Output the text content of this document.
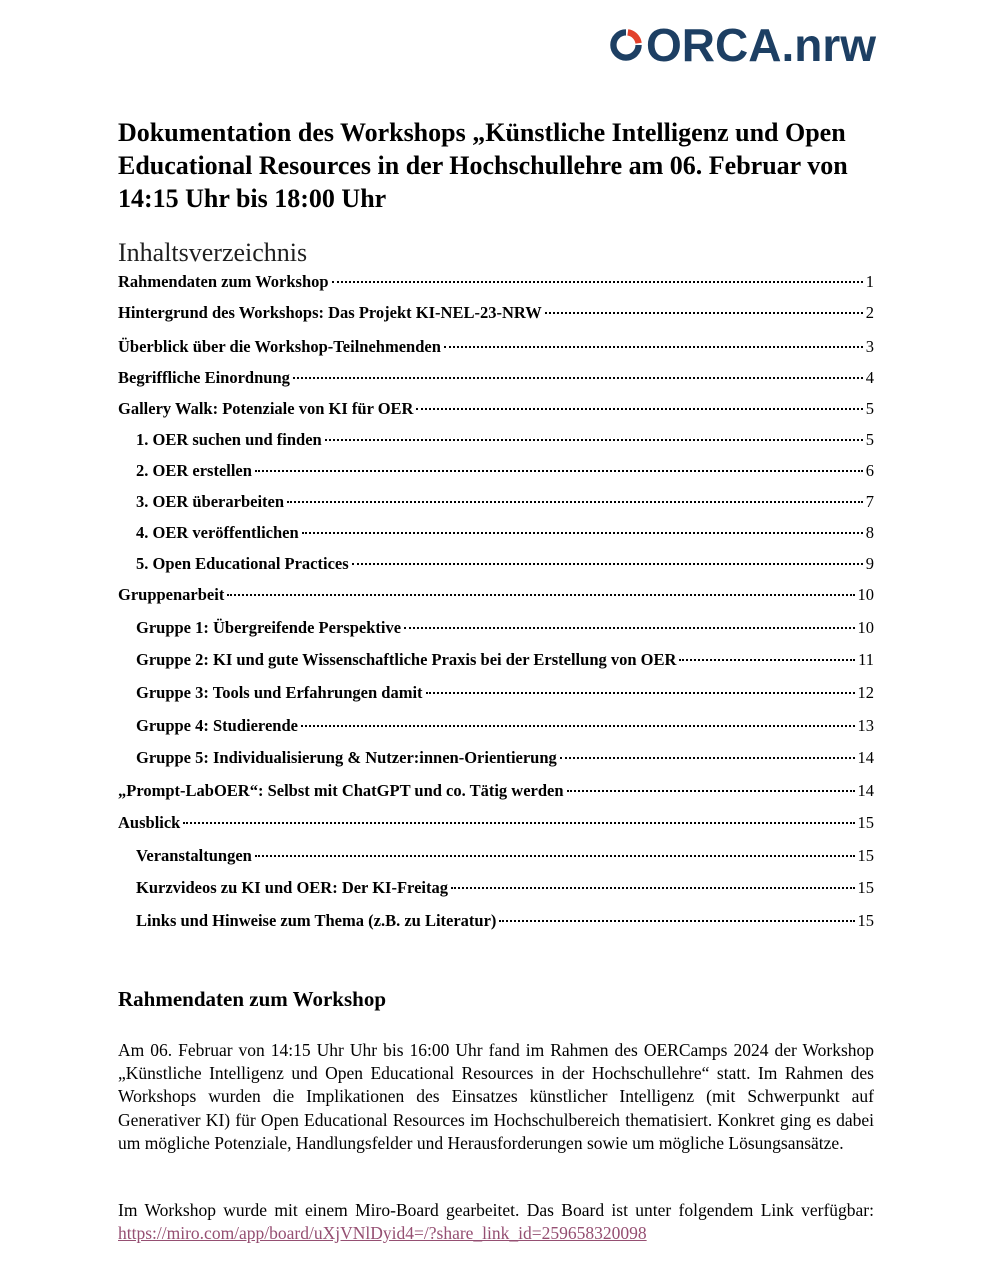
ORCA.nrw
Dokumentation des Workshops „Künstliche Intelligenz und Open Educational Resources in der Hochschullehre am 06. Februar von 14:15 Uhr bis 18:00 Uhr
Inhaltsverzeichnis
Rahmendaten zum Workshop	1
Hintergrund des Workshops: Das Projekt KI-NEL-23-NRW	2
Überblick über die Workshop-Teilnehmenden	3
Begriffliche Einordnung	4
Gallery Walk: Potenziale von KI für OER	5
1. OER suchen und finden	5
2. OER erstellen	6
3. OER überarbeiten	7
4. OER veröffentlichen	8
5. Open Educational Practices	9
Gruppenarbeit	10
Gruppe 1: Übergreifende Perspektive	10
Gruppe 2: KI und gute Wissenschaftliche Praxis bei der Erstellung von OER	11
Gruppe 3: Tools und Erfahrungen damit	12
Gruppe 4: Studierende	13
Gruppe 5: Individualisierung & Nutzer:innen-Orientierung	14
„Prompt-LabOER“: Selbst mit ChatGPT und co. Tätig werden	14
Ausblick	15
Veranstaltungen	15
Kurzvideos zu KI und OER: Der KI-Freitag	15
Links und Hinweise zum Thema (z.B. zu Literatur)	15
Rahmendaten zum Workshop

Am 06. Februar von 14:15 Uhr Uhr bis 16:00 Uhr fand im Rahmen des OERCamps 2024 der Workshop „Künstliche Intelligenz und Open Educational Resources in der Hochschullehre“ statt. Im Rahmen des Workshops wurden die Implikationen des Einsatzes künstlicher Intelligenz (mit Schwerpunkt auf Generativer KI) für Open Educational Resources im Hochschulbereich thematisiert. Konkret ging es dabei um mögliche Potenziale, Handlungsfelder und Herausforderungen sowie um mögliche Lösungsansätze.

Im Workshop wurde mit einem Miro-Board gearbeitet. Das Board ist unter folgendem Link verfügbar: https://miro.com/app/board/uXjVNlDyid4=/?share_link_id=259658320098
